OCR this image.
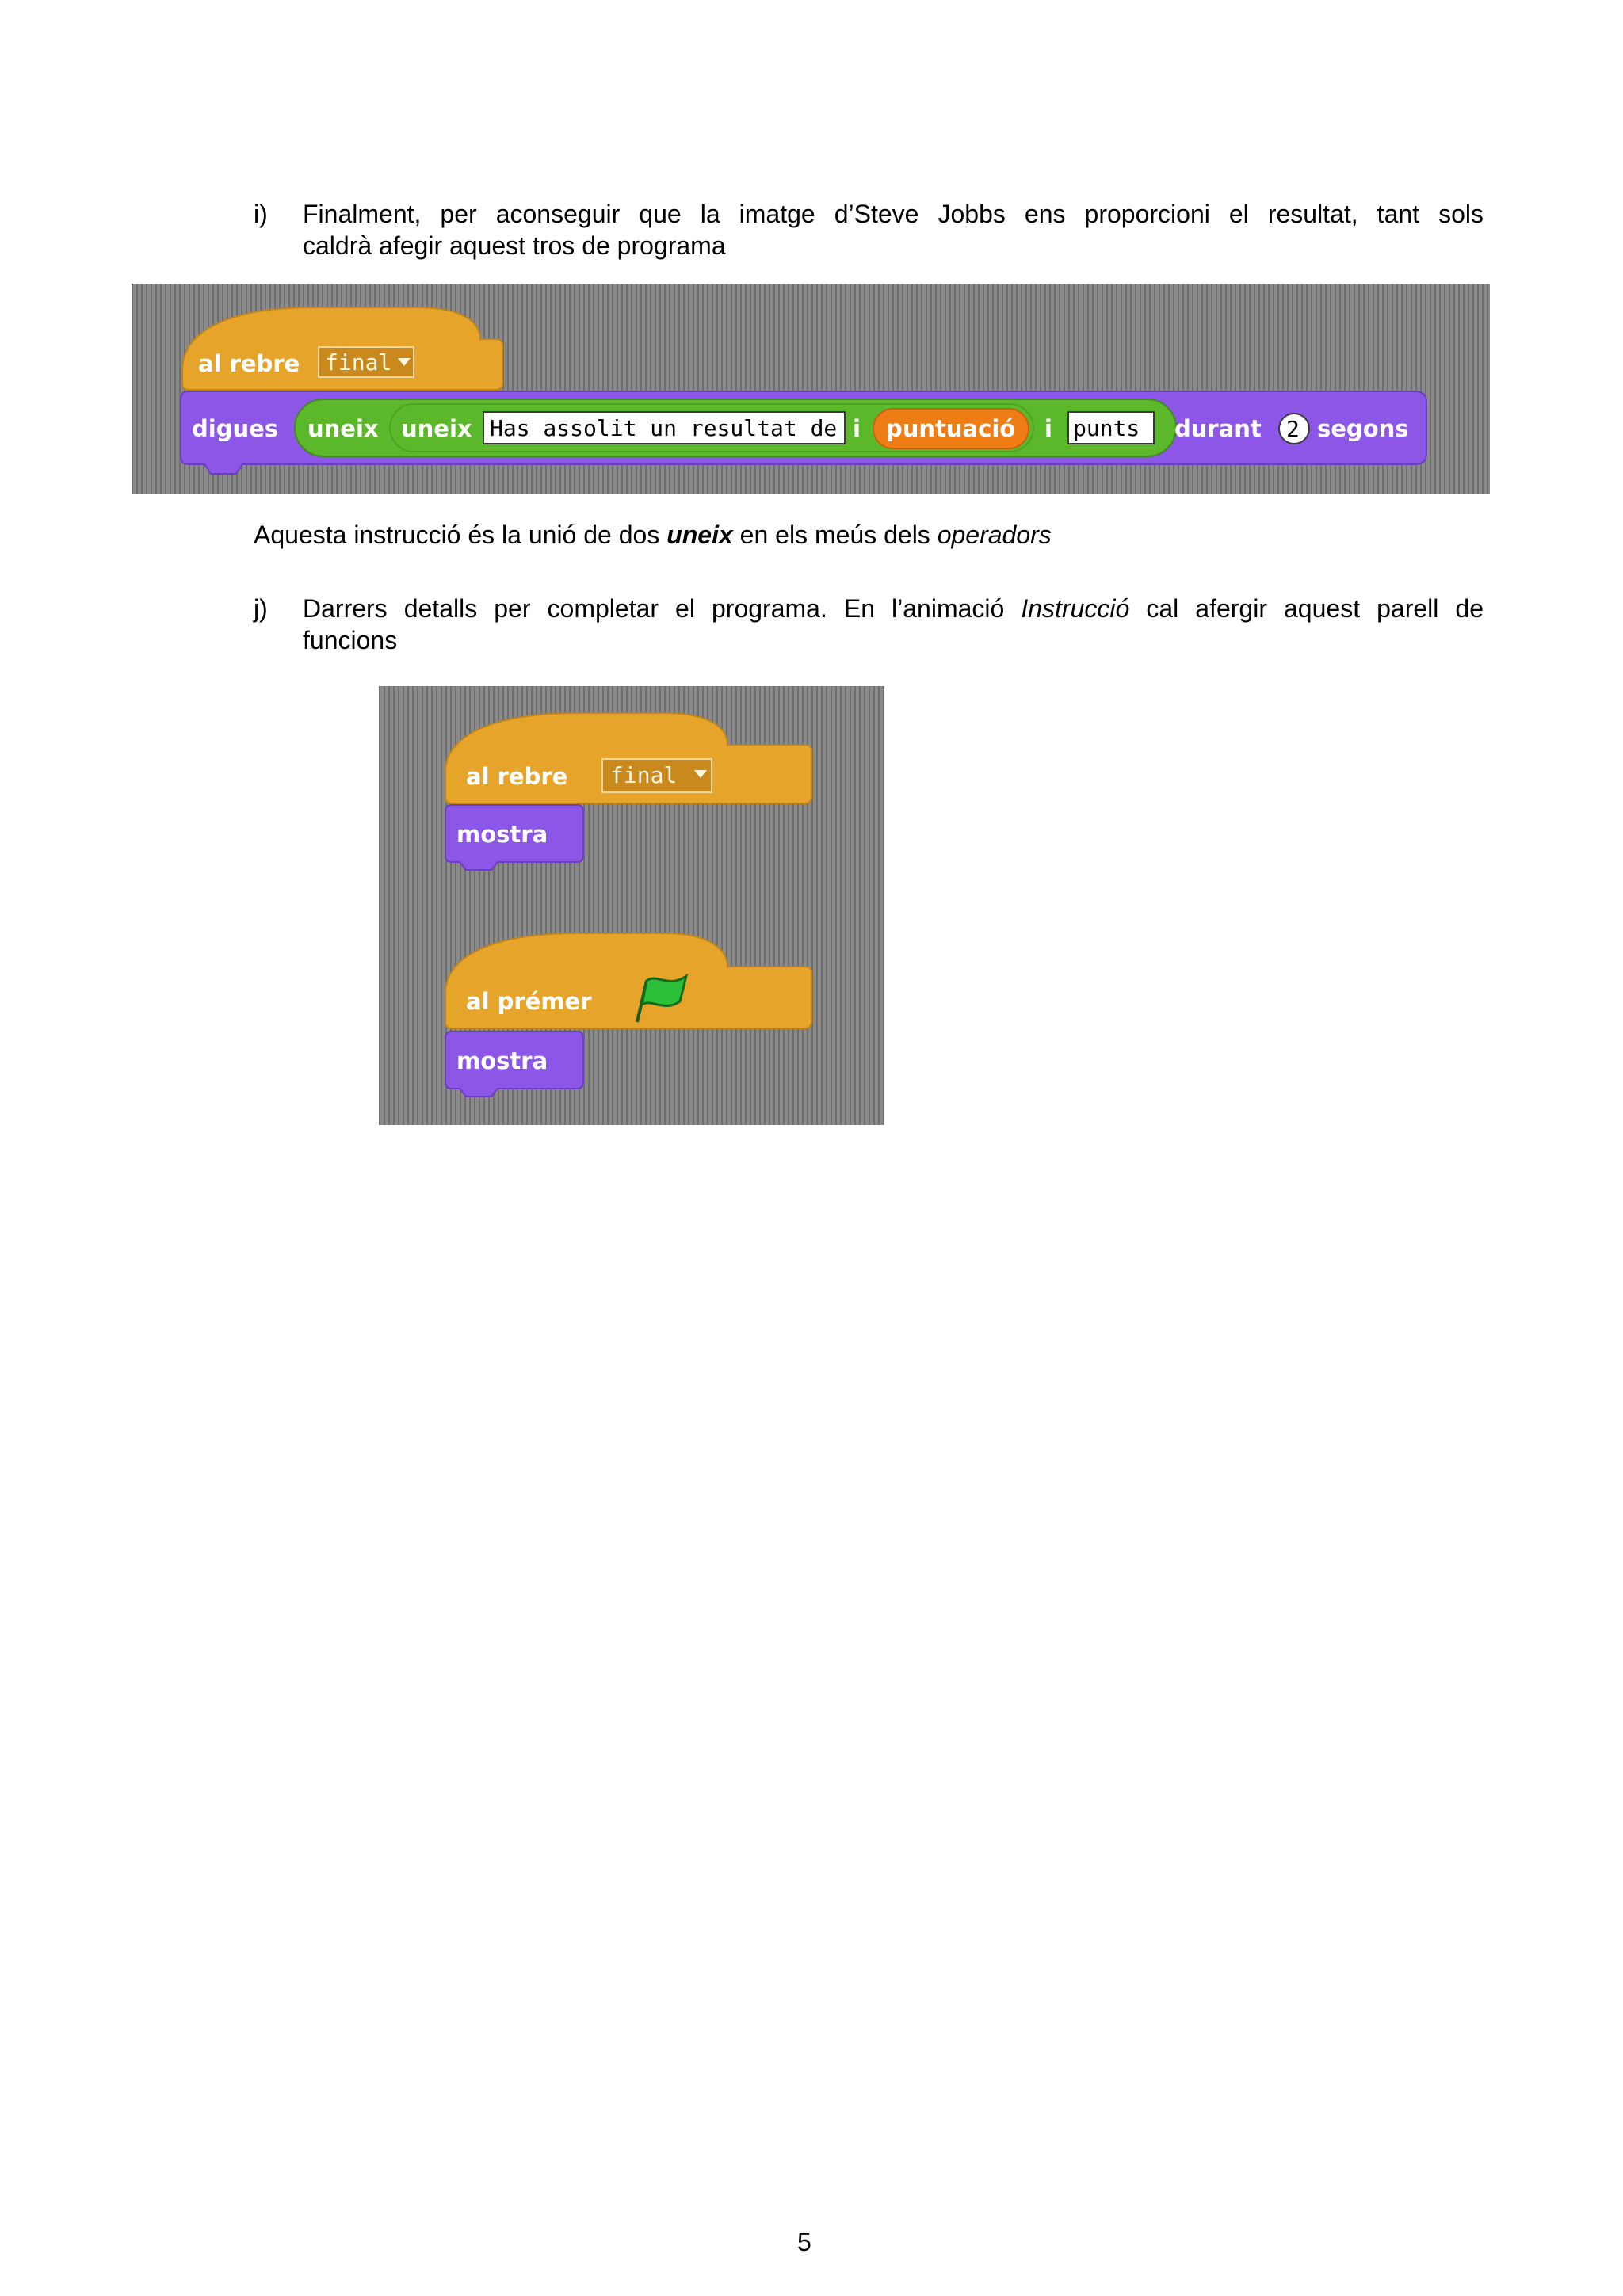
i) Finalment, per aconseguir que la imatge d’Steve Jobbs ens proporcioni el resultat, tant sols
caldrà afegir aquest tros de programa
al rebre final
digues uneix uneix Has assolit un resultat de i puntuació i punts durant 2 segons
Aquesta instrucció és la unió de dos uneix en els meús dels operadors
j) Darrers detalls per completar el programa. En l’animació Instrucció cal afergir aquest parell de
funcions
al rebre final
mostra
al prémer
mostra
5
